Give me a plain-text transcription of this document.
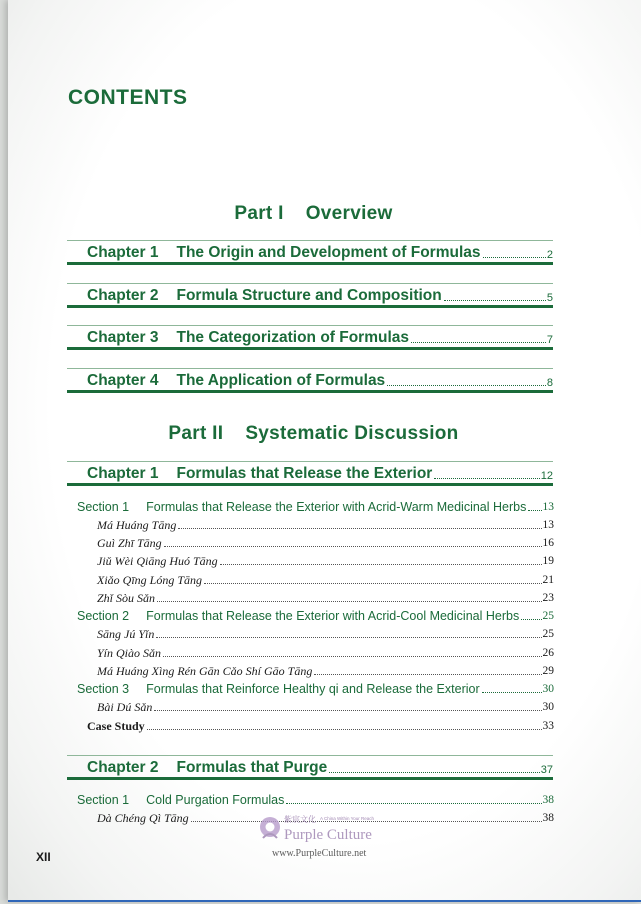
CONTENTS
Part I Overview
Chapter 1 The Origin and Development of Formulas	2
Chapter 2 Formula Structure and Composition	5
Chapter 3 The Categorization of Formulas	7
Chapter 4 The Application of Formulas	8
Part II Systematic Discussion
Chapter 1 Formulas that Release the Exterior	12
Section 1 Formulas that Release the Exterior with Acrid-Warm Medicinal Herbs 13
Má Huáng Tāng	13
Guì Zhī Tāng	16
Jiǔ Wèi Qiāng Huó Tāng	19
Xiǎo Qīng Lóng Tāng	21
Zhǐ Sòu Sǎn	23
Section 2 Formulas that Release the Exterior with Acrid-Cool Medicinal Herbs 25
Sāng Jú Yǐn	25
Yín Qiào Sǎn	26
Má Huáng Xìng Rén Gān Cǎo Shí Gāo Tāng	29
Section 3 Formulas that Reinforce Healthy qi and Release the Exterior	30
Bài Dú Sǎn	30
Case Study	33
Chapter 2 Formulas that Purge	37
Section 1 Cold Purgation Formulas	38
Dà Chéng Qì Tāng	38
紫宸文化 A China Within Your Reach
Purple Culture
www.PurpleCulture.net
XII
